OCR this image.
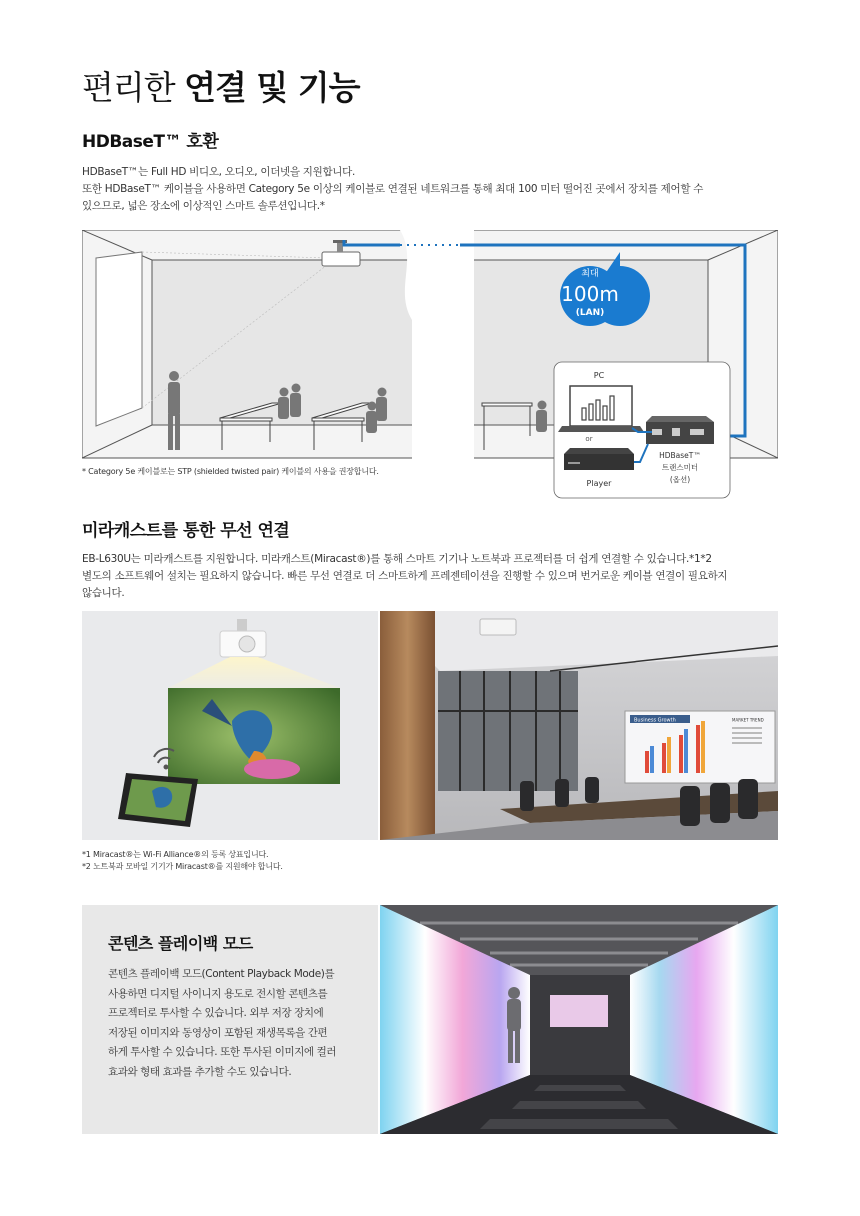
편리한 연결 및 기능
HDBaseT™ 호환

HDBaseT™는 Full HD 비디오, 오디오, 이더넷을 지원합니다.

또한 HDBaseT™ 케이블을 사용하면 Category 5e 이상의 케이블로 연결된 네트워크를 통해 최대 100 미터 떨어진 곳에서 장치를 제어할 수

있으므로, 넓은 장소에 이상적인 스마트 솔루션입니다.*

최대
100m
(LAN)
PC
or
Player
HDBaseT™
트랜스미터
(옵션)
* Category 5e 케이블로는 STP (shielded twisted pair) 케이블의 사용을 권장합니다.
미라캐스트를 통한 무선 연결

EB-L630U는 미라캐스트를 지원합니다. 미라캐스트(Miracast®)를 통해 스마트 기기나 노트북과 프로젝터를 더 쉽게 연결할 수 있습니다.*1*2

별도의 소프트웨어 설치는 필요하지 않습니다. 빠른 무선 연결로 더 스마트하게 프레젠테이션을 진행할 수 있으며 번거로운 케이블 연결이 필요하지

않습니다.

Business Growth	MARKET TREND
*1 Miracast®는 Wi-Fi Alliance®의 등록 상표입니다.
*2 노트북과 모바일 기기가 Miracast®를 지원해야 합니다.
콘텐츠 플레이백 모드

콘텐츠 플레이백 모드(Content Playback Mode)를

사용하면 디지털 사이니지 용도로 전시할 콘텐츠를

프로젝터로 투사할 수 있습니다. 외부 저장 장치에

저장된 이미지와 동영상이 포함된 재생목록을 간편

하게 투사할 수 있습니다. 또한 투사된 이미지에 컬러

효과와 형태 효과를 추가할 수도 있습니다.
